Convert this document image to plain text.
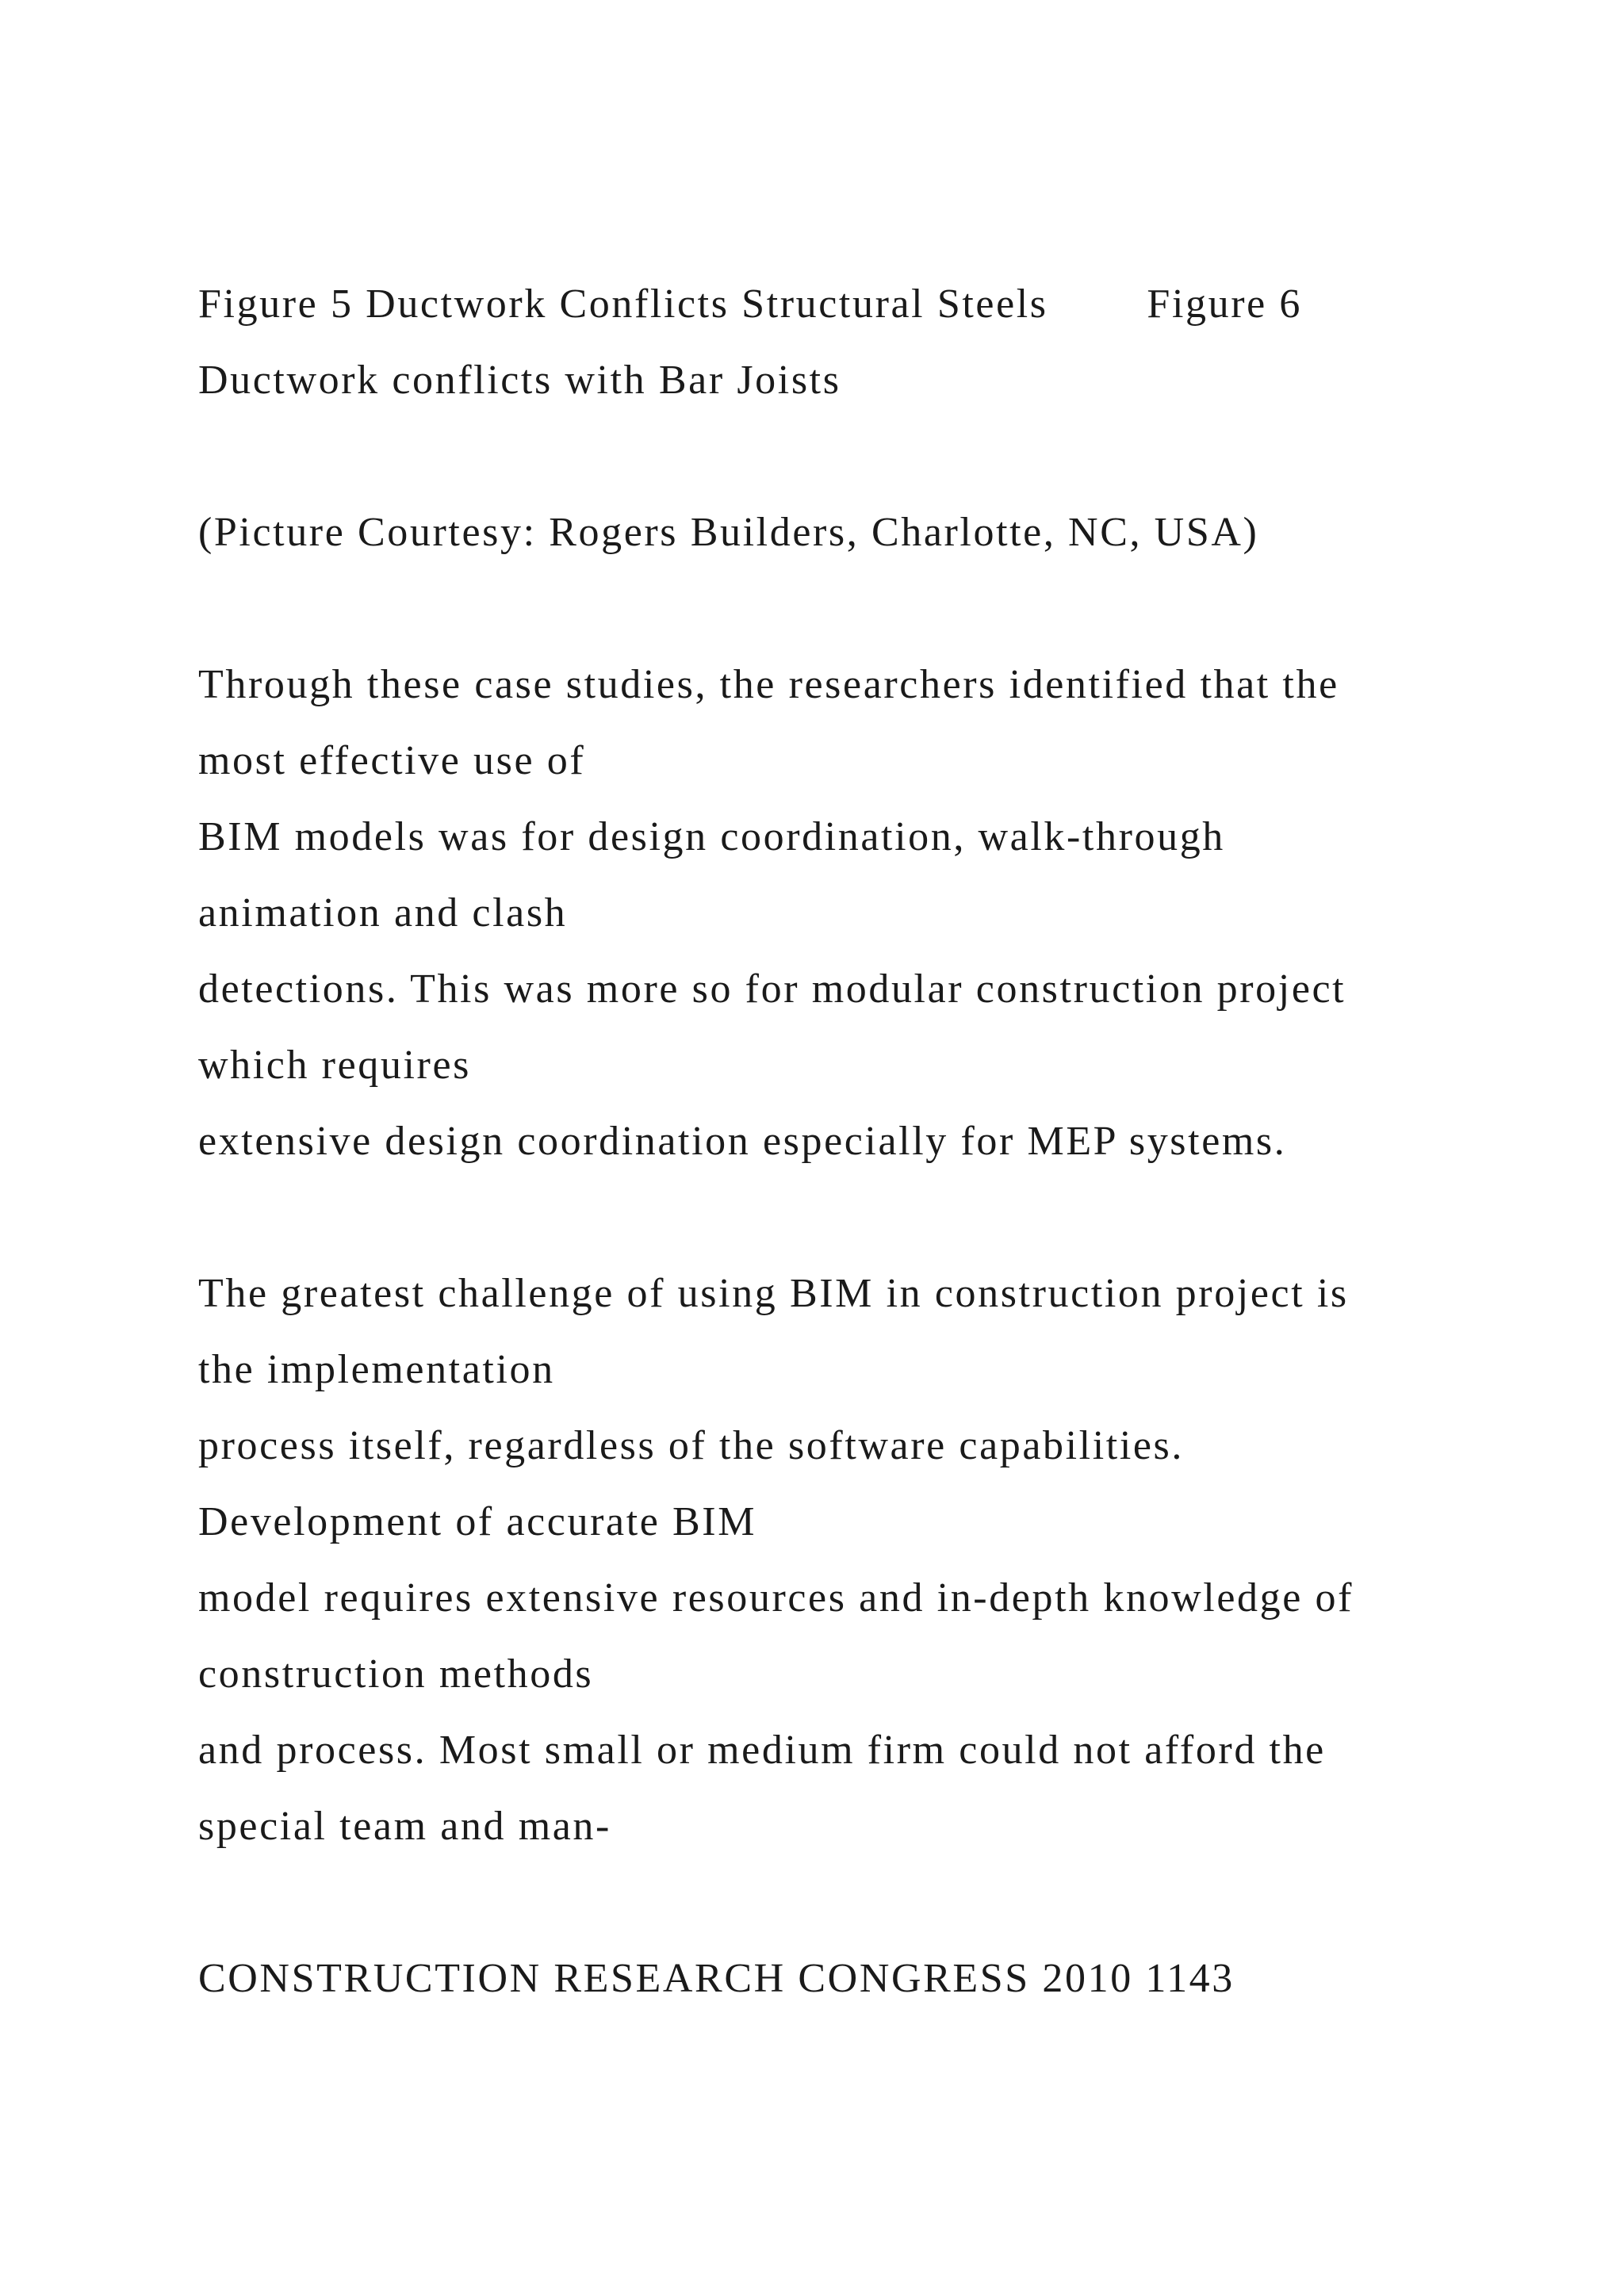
Figure 5 Ductwork Conflicts Structural Steels        Figure 6
Ductwork conflicts with Bar Joists
(Picture Courtesy: Rogers Builders, Charlotte, NC, USA)
Through these case studies, the researchers identified that the
most effective use of
BIM models was for design coordination, walk-through
animation and clash
detections. This was more so for modular construction project
which requires
extensive design coordination especially for MEP systems.
The greatest challenge of using BIM in construction project is
the implementation
process itself, regardless of the software capabilities.
Development of accurate BIM
model requires extensive resources and in-depth knowledge of
construction methods
and process. Most small or medium firm could not afford the
special team and man-
CONSTRUCTION RESEARCH CONGRESS 2010 1143
